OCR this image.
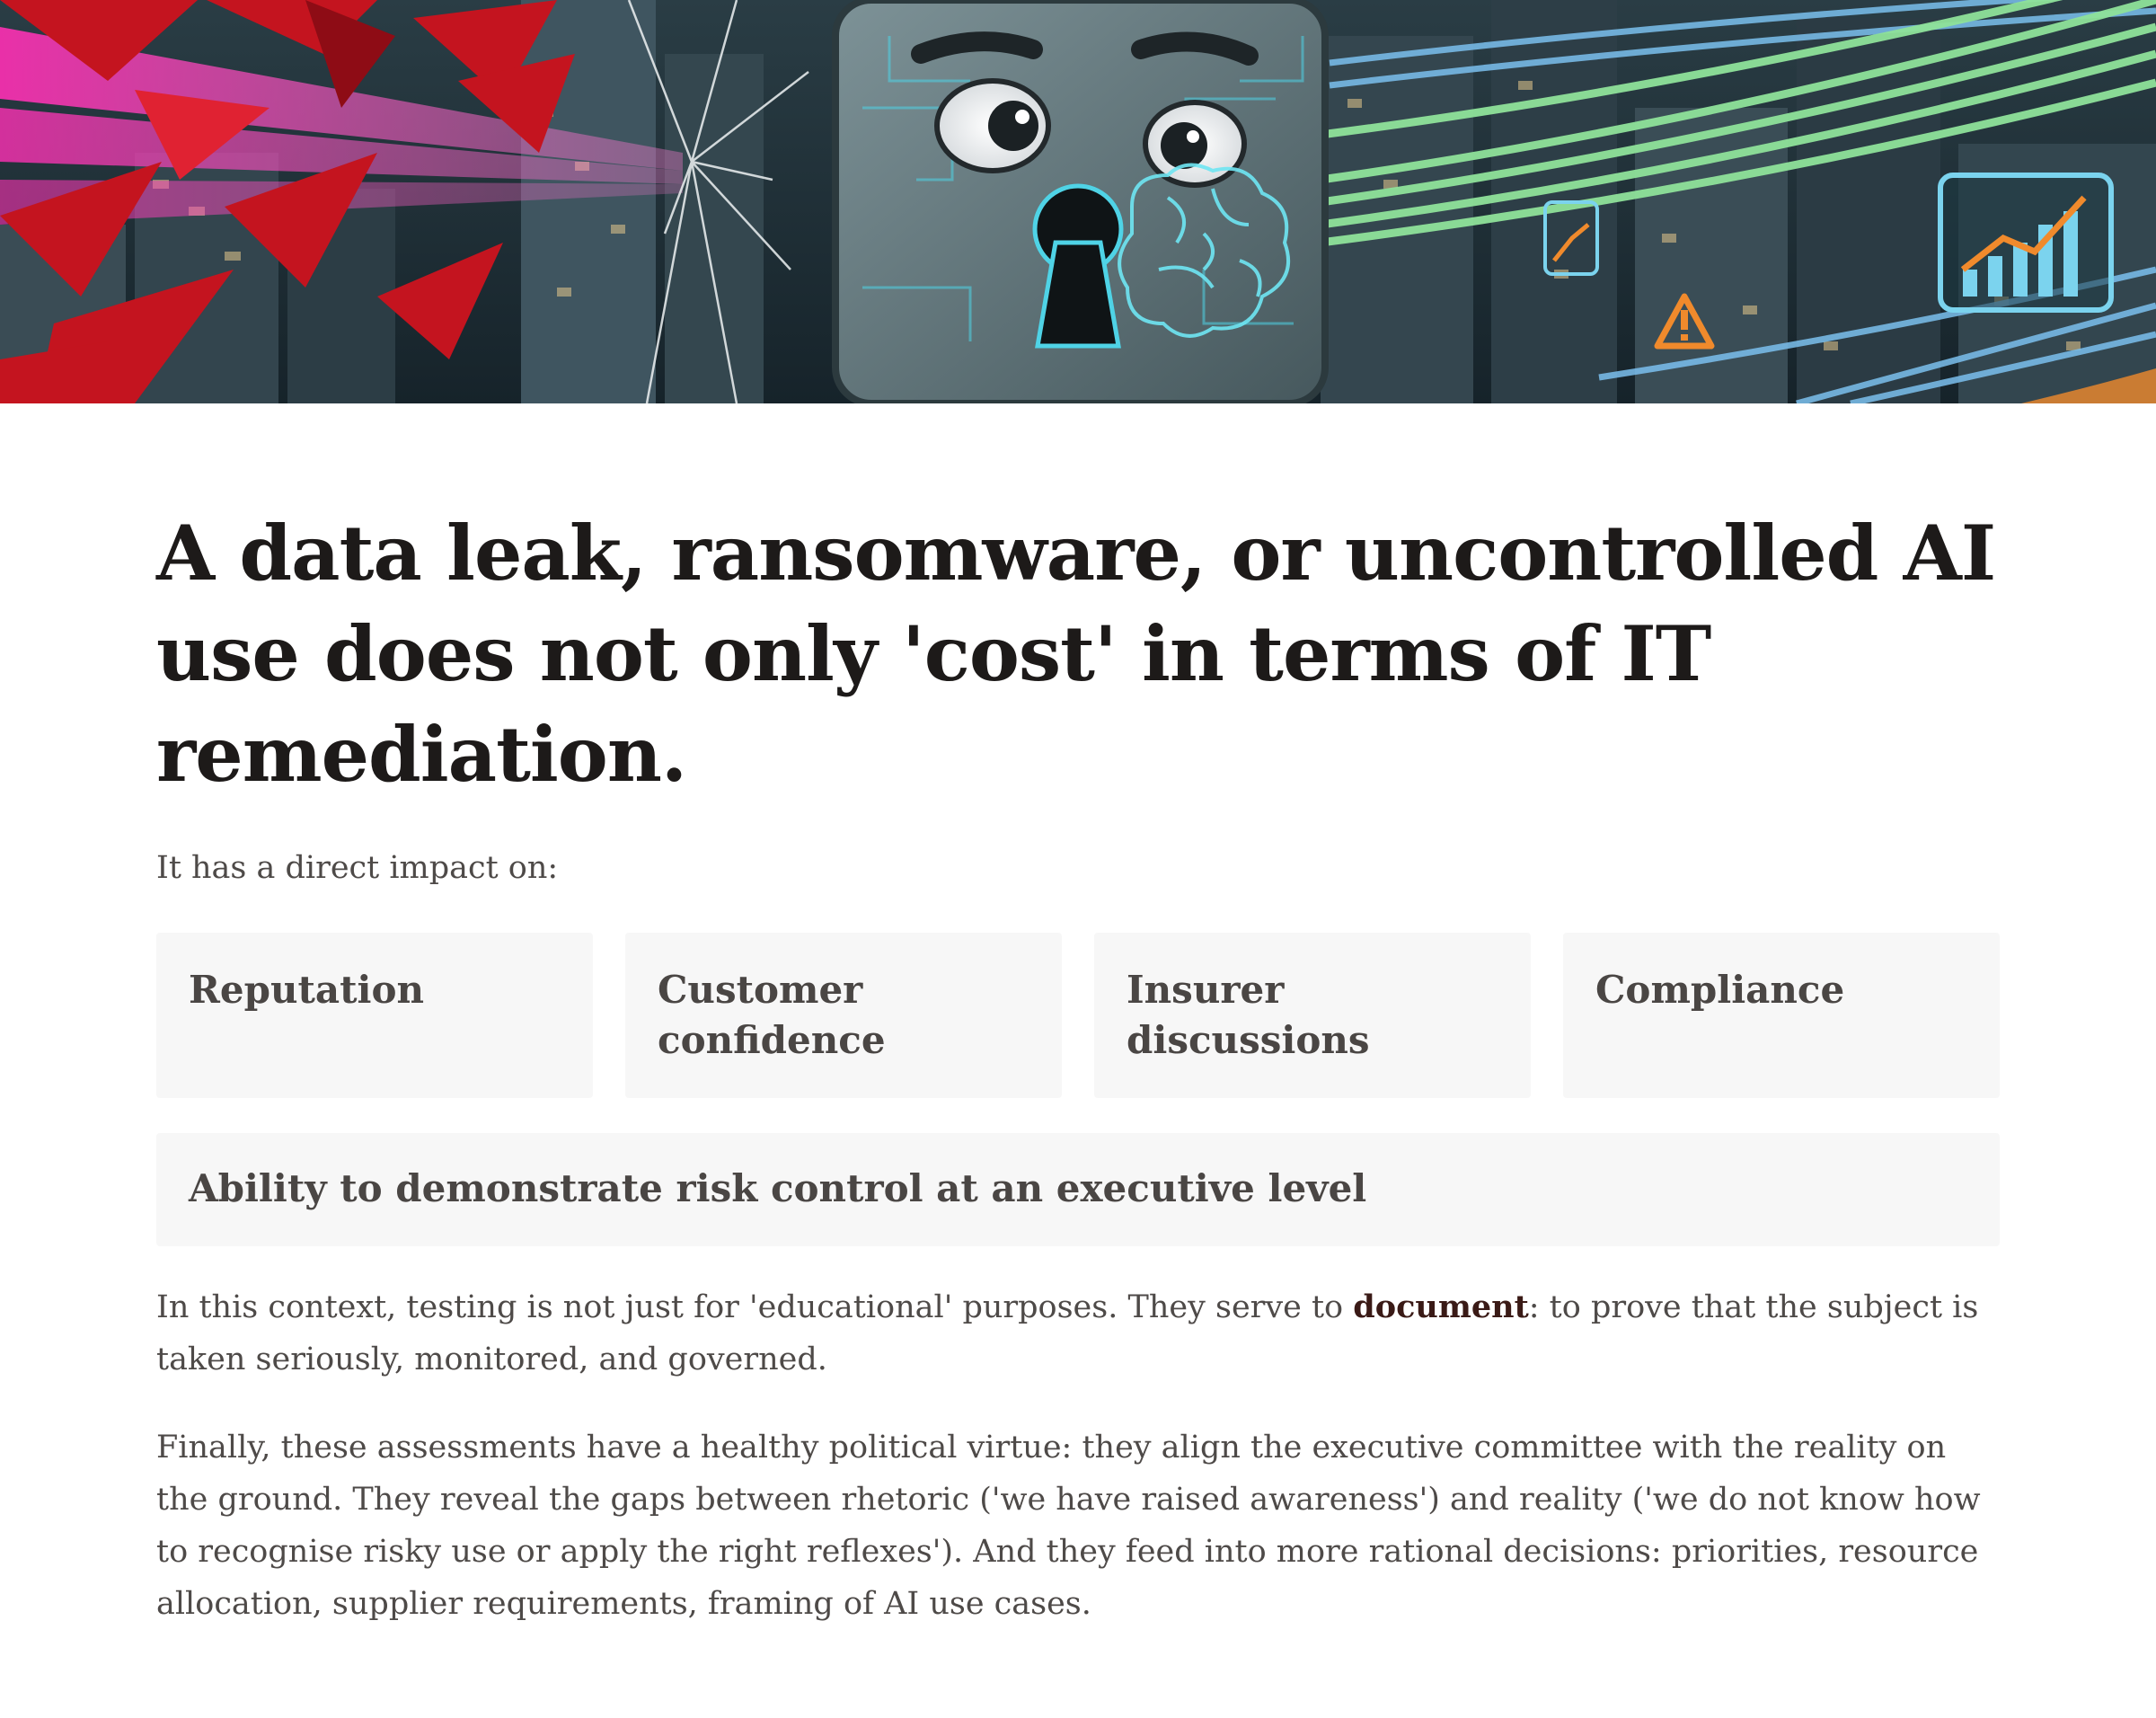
A data leak, ransomware, or uncontrolled AI use does not only 'cost' in terms of IT remediation.

It has a direct impact on:

Reputation	Customer confidence
Insurer discussions
Compliance
Ability to demonstrate risk control at an executive level

In this context, testing is not just for 'educational' purposes. They serve to document: to prove that the subject is taken seriously, monitored, and governed.

Finally, these assessments have a healthy political virtue: they align the executive committee with the reality on the ground. They reveal the gaps between rhetoric ('we have raised awareness') and reality ('we do not know how to recognise risky use or apply the right reflexes'). And they feed into more rational decisions: priorities, resource allocation, supplier requirements, framing of AI use cases.
